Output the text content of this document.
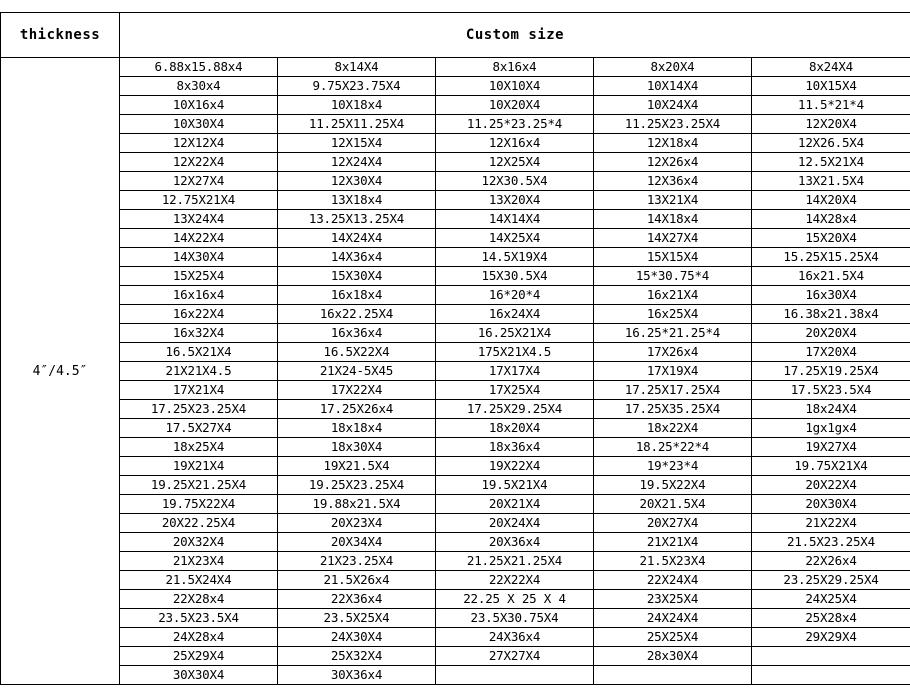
thickness	Custom size				
4″/4.5″	6.88x15.88x4	8x14X4	8x16x4	8x20X4	8x24X4
	8x30x4	9.75X23.75X4	10X10X4	10X14X4	10X15X4
	10X16x4	10X18x4	10X20X4	10X24X4	11.5*21*4
	10X30X4	11.25X11.25X4	11.25*23.25*4	11.25X23.25X4	12X20X4
	12X12X4	12X15X4	12X16x4	12X18x4	12X26.5X4
	12X22X4	12X24X4	12X25X4	12X26x4	12.5X21X4
	12X27X4	12X30X4	12X30.5X4	12X36x4	13X21.5X4
	12.75X21X4	13X18x4	13X20X4	13X21X4	14X20X4
	13X24X4	13.25X13.25X4	14X14X4	14X18x4	14X28x4
	14X22X4	14X24X4	14X25X4	14X27X4	15X20X4
	14X30X4	14X36x4	14.5X19X4	15X15X4	15.25X15.25X4
	15X25X4	15X30X4	15X30.5X4	15*30.75*4	16x21.5X4
	16x16x4	16x18x4	16*20*4	16x21X4	16x30X4
	16x22X4	16x22.25X4	16x24X4	16x25X4	16.38x21.38x4
	16x32X4	16x36x4	16.25X21X4	16.25*21.25*4	20X20X4
	16.5X21X4	16.5X22X4	175X21X4.5	17X26x4	17X20X4
	21X21X4.5	21X24-5X45	17X17X4	17X19X4	17.25X19.25X4
	17X21X4	17X22X4	17X25X4	17.25X17.25X4	17.5X23.5X4
	17.25X23.25X4	17.25X26x4	17.25X29.25X4	17.25X35.25X4	18x24X4
	17.5X27X4	18x18x4	18x20X4	18x22X4	1gx1gx4
	18x25X4	18x30X4	18x36x4	18.25*22*4	19X27X4
	19X21X4	19X21.5X4	19X22X4	19*23*4	19.75X21X4
	19.25X21.25X4	19.25X23.25X4	19.5X21X4	19.5X22X4	20X22X4
	19.75X22X4	19.88x21.5X4	20X21X4	20X21.5X4	20X30X4
	20X22.25X4	20X23X4	20X24X4	20X27X4	21X22X4
	20X32X4	20X34X4	20X36x4	21X21X4	21.5X23.25X4
	21X23X4	21X23.25X4	21.25X21.25X4	21.5X23X4	22X26x4
	21.5X24X4	21.5X26x4	22X22X4	22X24X4	23.25X29.25X4
	22X28x4	22X36x4	22.25 X 25 X 4	23X25X4	24X25X4
	23.5X23.5X4	23.5X25X4	23.5X30.75X4	24X24X4	25X28x4
	24X28x4	24X30X4	24X36x4	25X25X4	29X29X4
	25X29X4	25X32X4	27X27X4	28x30X4	
	30X30X4	30X36x4			
